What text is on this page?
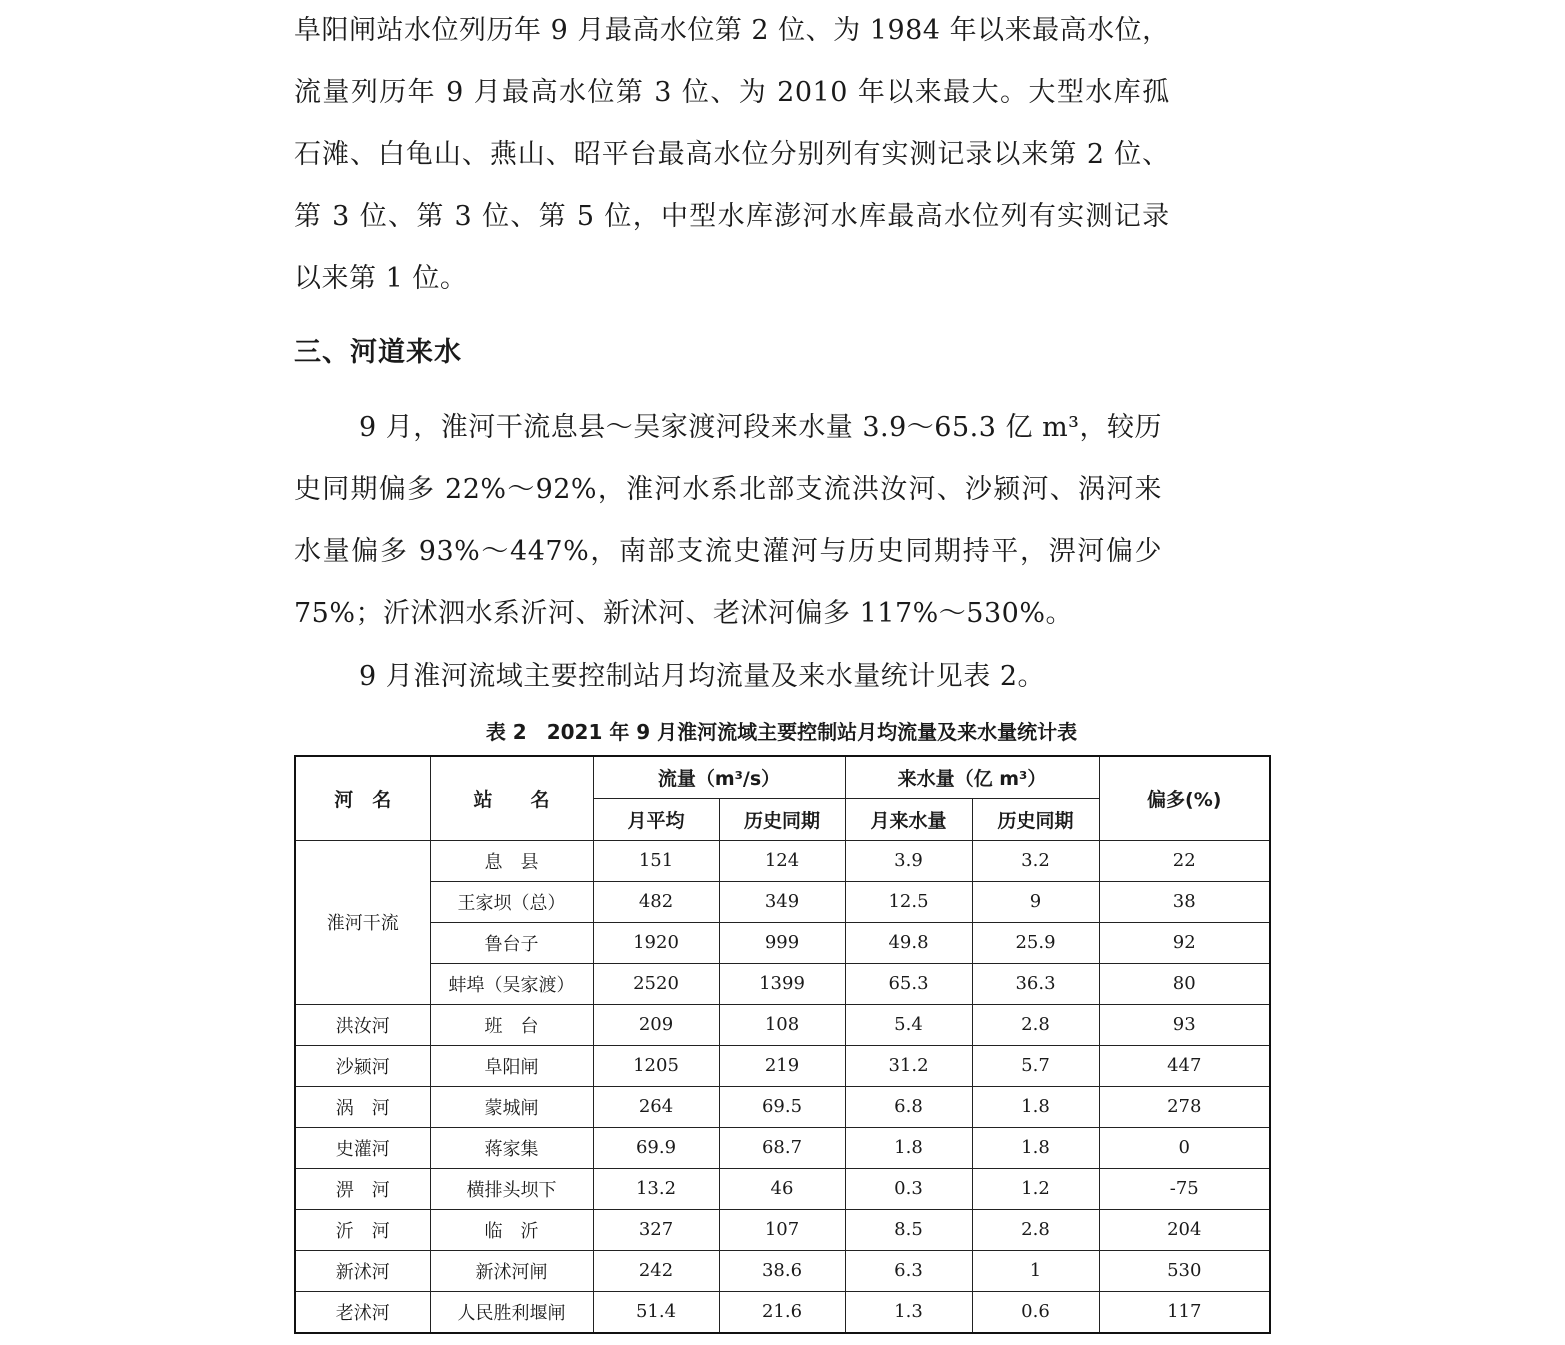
阜阳闸站水位列历年 9 月最高水位第 2 位、为 1984 年以来最高水位，
流量列历年 9 月最高水位第 3 位、为 2010 年以来最大。大型水库孤
石滩、白龟山、燕山、昭平台最高水位分别列有实测记录以来第 2 位、
第 3 位、第 3 位、第 5 位，中型水库澎河水库最高水位列有实测记录
以来第 1 位。

三、河道来水

9 月，淮河干流息县～吴家渡河段来水量 3.9～65.3 亿 m³，较历
史同期偏多 22%～92%，淮河水系北部支流洪汝河、沙颍河、涡河来
水量偏多 93%～447%，南部支流史灌河与历史同期持平，淠河偏少
75%；沂沭泗水系沂河、新沭河、老沭河偏多 117%～530%。

9 月淮河流域主要控制站月均流量及来水量统计见表 2。

表 2　2021 年 9 月淮河流域主要控制站月均流量及来水量统计表
河　名	站　　名	流量（m³/s）		来水量（亿 m³）		偏多(%)
		月平均	历史同期	月来水量	历史同期	
淮河干流	息　县	151	124	3.9	3.2	22
	王家坝（总）	482	349	12.5	9	38
	鲁台子	1920	999	49.8	25.9	92
	蚌埠（吴家渡）	2520	1399	65.3	36.3	80
洪汝河	班　台	209	108	5.4	2.8	93
沙颍河	阜阳闸	1205	219	31.2	5.7	447
涡　河	蒙城闸	264	69.5	6.8	1.8	278
史灌河	蒋家集	69.9	68.7	1.8	1.8	0
淠　河	横排头坝下	13.2	46	0.3	1.2	-75
沂　河	临　沂	327	107	8.5	2.8	204
新沭河	新沭河闸	242	38.6	6.3	1	530
老沭河	人民胜利堰闸	51.4	21.6	1.3	0.6	117
